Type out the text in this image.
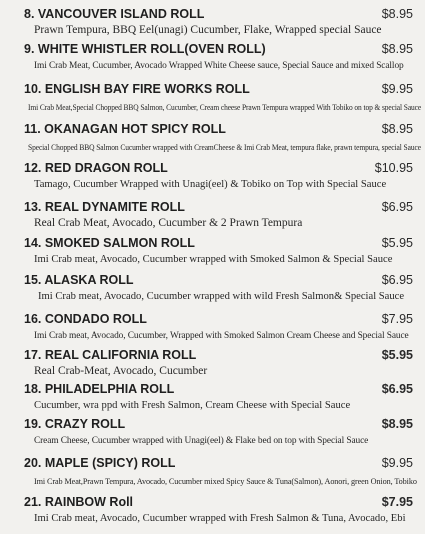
8. VANCOUVER ISLAND ROLL	$8.95
Prawn Tempura, BBQ Eel(unagi) Cucumber, Flake, Wrapped special Sauce
9. WHITE WHISTLER ROLL(OVEN ROLL)	$8.95
Imi Crab Meat, Cucumber, Avocado Wrapped White Cheese sauce, Special Sauce and mixed Scallop
10. ENGLISH BAY FIRE WORKS ROLL	$9.95
Imi Crab Meat,Special Chopped BBQ Salmon, Cucumber, Cream cheese Prawn Tempura wrapped With Tobiko on top & special Sauce
11. OKANAGAN HOT SPICY ROLL	$8.95
Special Chopped BBQ Salmon Cucumber wrapped with CreamCheese & Imi Crab Meat, tempura flake, prawn tempura, special Sauce
12. RED DRAGON ROLL	$10.95
Tamago, Cucumber Wrapped with Unagi(eel) & Tobiko on Top with Special Sauce
13. REAL DYNAMITE ROLL	$6.95
Real Crab Meat, Avocado, Cucumber & 2 Prawn Tempura
14. SMOKED SALMON ROLL	$5.95
Imi Crab meat, Avocado, Cucumber wrapped with Smoked Salmon & Special Sauce
15. ALASKA ROLL	$6.95
Imi Crab meat, Avocado, Cucumber wrapped with wild Fresh Salmon& Special Sauce
16. CONDADO ROLL	$7.95
Imi Crab meat, Avocado, Cucumber, Wrapped with Smoked Salmon Cream Cheese and Special Sauce
17. REAL CALIFORNIA ROLL	$5.95
Real Crab-Meat, Avocado, Cucumber
18. PHILADELPHIA ROLL	$6.95
Cucumber, wra ppd with Fresh Salmon, Cream Cheese with Special Sauce
19. CRAZY ROLL	$8.95
Cream Cheese, Cucumber wrapped with Unagi(eel) & Flake bed on top with Special Sauce
20. MAPLE (SPICY) ROLL	$9.95
Imi Crab Meat,Prawn Tempura, Avocado, Cucumber mixed Spicy Sauce & Tuna(Salmon), Aonori, green Onion, Tobiko
21. RAINBOW Roll	$7.95
Imi Crab meat, Avocado, Cucumber wrapped with Fresh Salmon & Tuna, Avocado, Ebi
